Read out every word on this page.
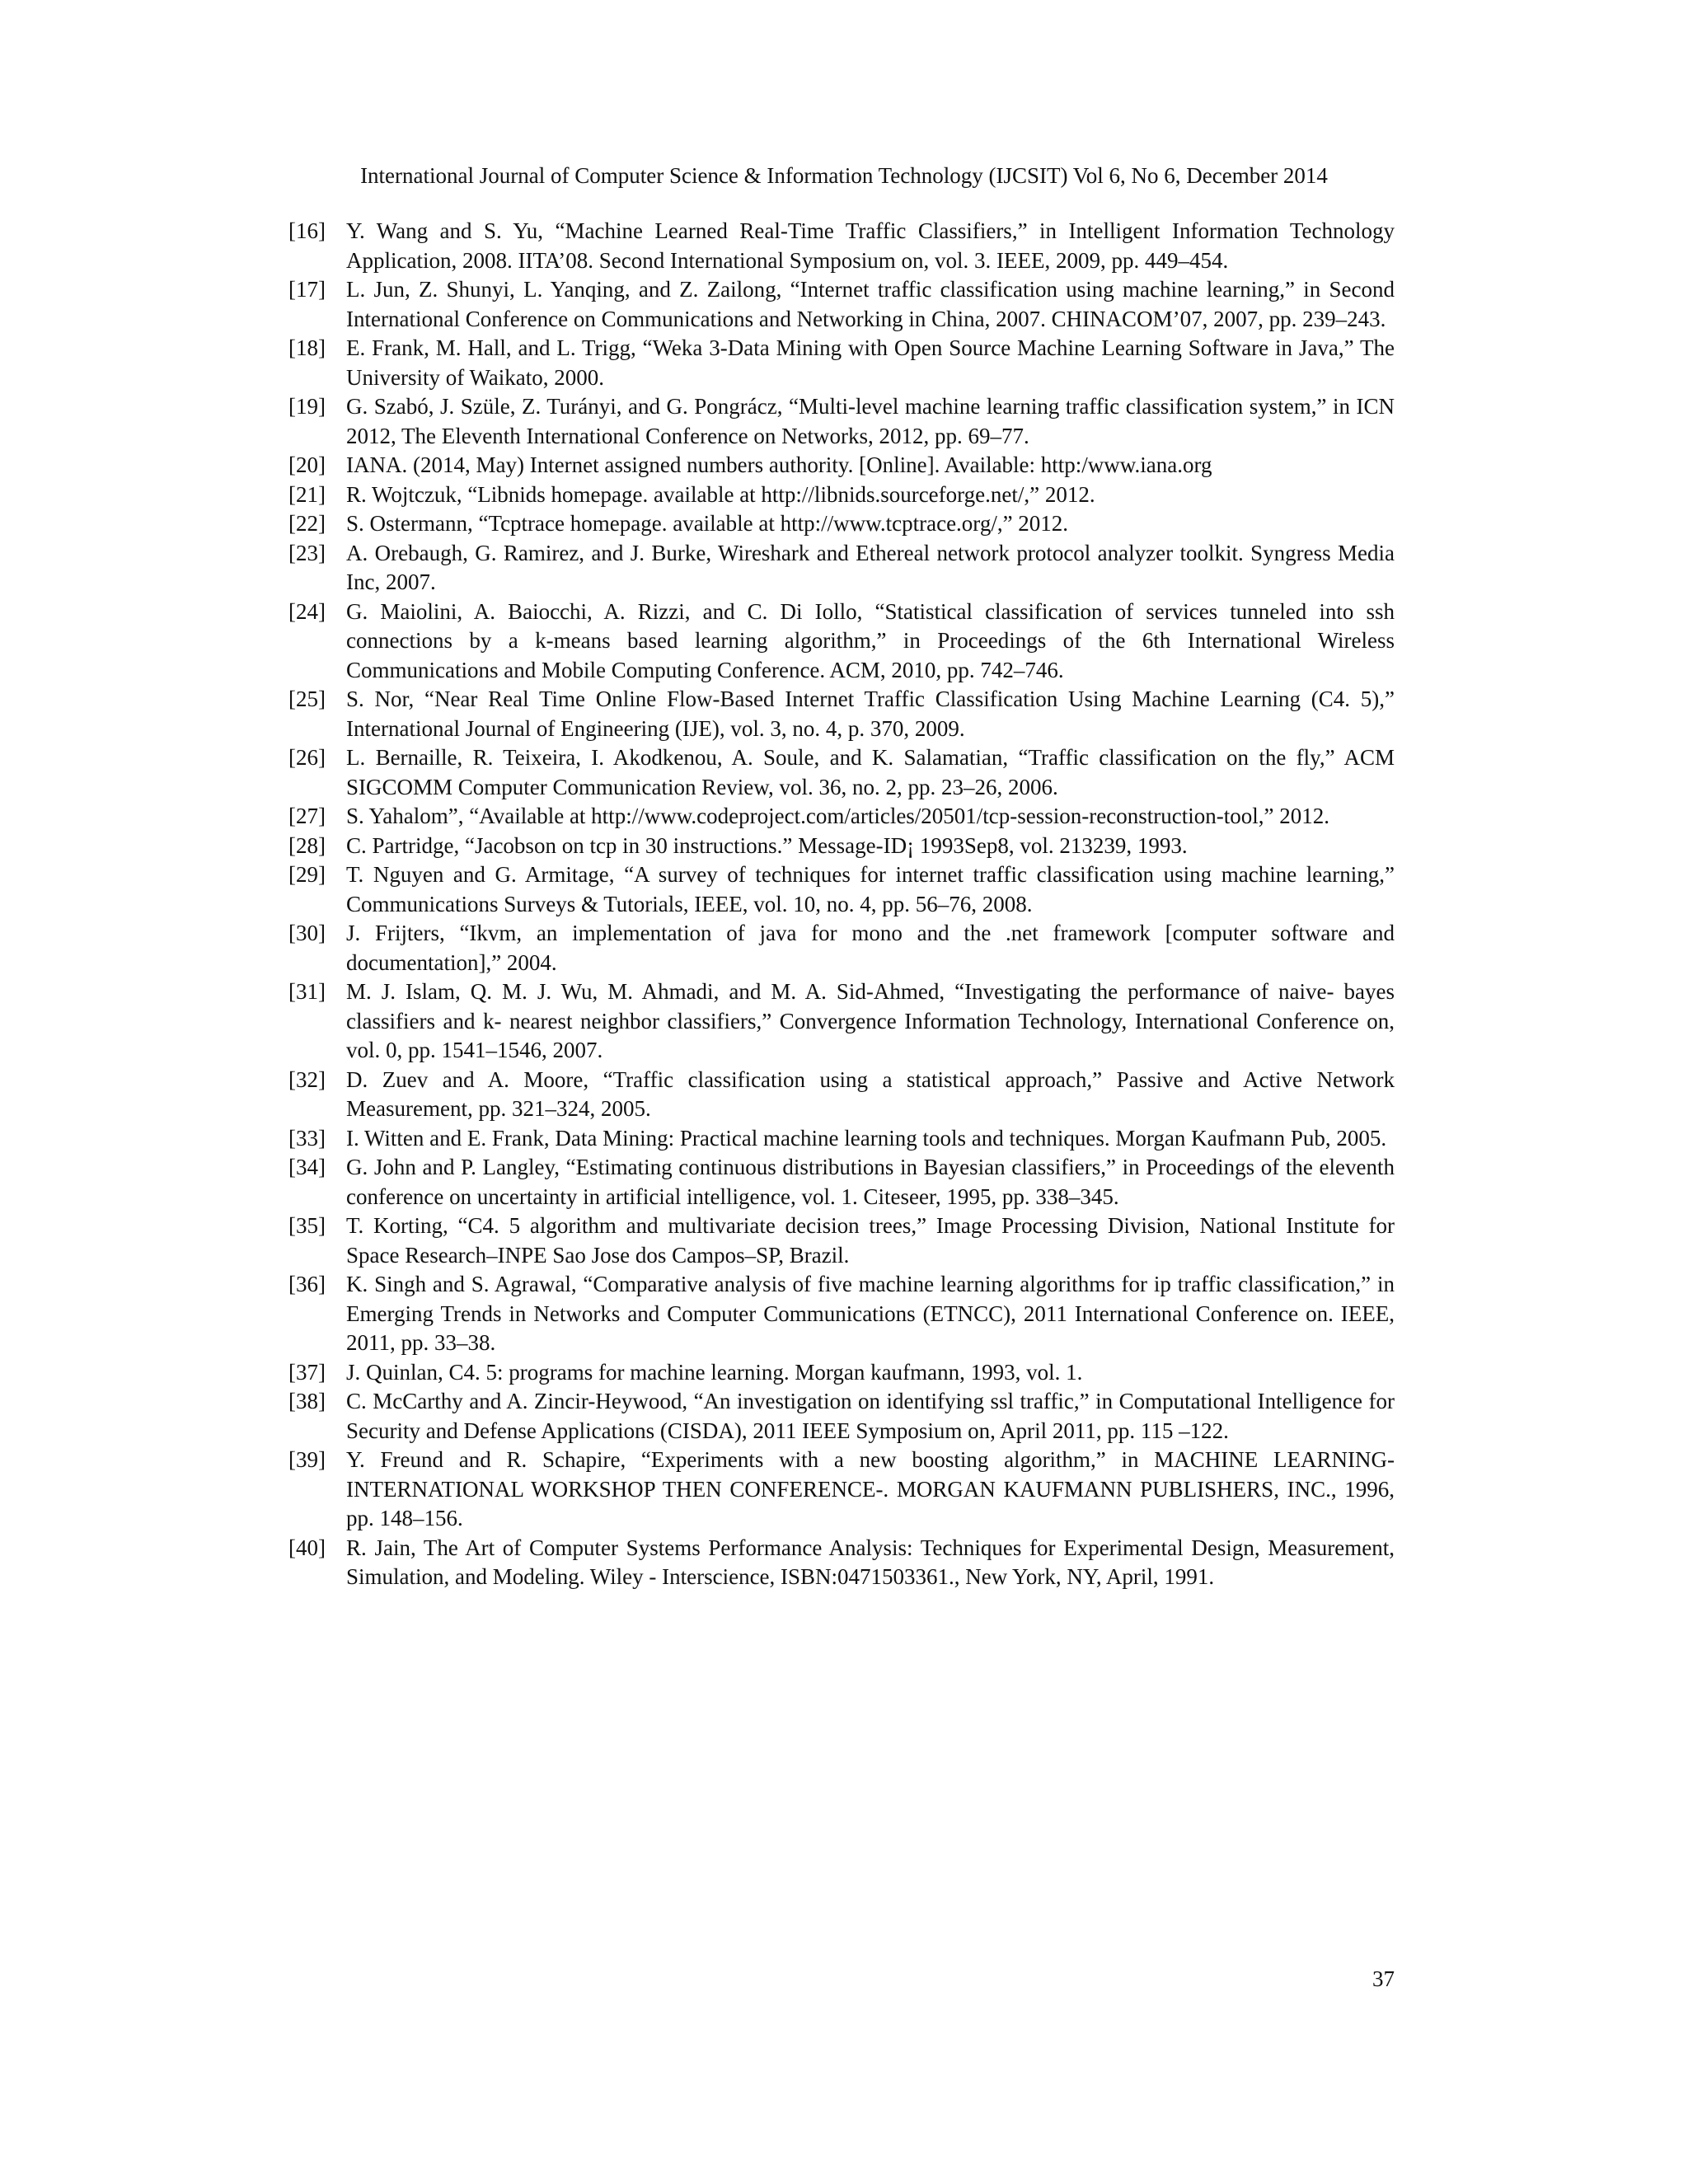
International Journal of Computer Science & Information Technology (IJCSIT) Vol 6, No 6, December 2014
[16] Y. Wang and S. Yu, “Machine Learned Real-Time Traffic Classifiers,” in Intelligent Information Technology Application, 2008. IITA’08. Second International Symposium on, vol. 3. IEEE, 2009, pp. 449–454.
[17] L. Jun, Z. Shunyi, L. Yanqing, and Z. Zailong, “Internet traffic classification using machine learning,” in Second International Conference on Communications and Networking in China, 2007. CHINACOM’07, 2007, pp. 239–243.
[18] E. Frank, M. Hall, and L. Trigg, “Weka 3-Data Mining with Open Source Machine Learning Software in Java,” The University of Waikato, 2000.
[19] G. Szabó, J. Szüle, Z. Turányi, and G. Pongrácz, “Multi-level machine learning traffic classification system,” in ICN 2012, The Eleventh International Conference on Networks, 2012, pp. 69–77.
[20] IANA. (2014, May) Internet assigned numbers authority. [Online]. Available: http:/www.iana.org
[21] R. Wojtczuk, “Libnids homepage. available at http://libnids.sourceforge.net/,” 2012.
[22] S. Ostermann, “Tcptrace homepage. available at http://www.tcptrace.org/,” 2012.
[23] A. Orebaugh, G. Ramirez, and J. Burke, Wireshark and Ethereal network protocol analyzer toolkit. Syngress Media Inc, 2007.
[24] G. Maiolini, A. Baiocchi, A. Rizzi, and C. Di Iollo, “Statistical classification of services tunneled into ssh connections by a k-means based learning algorithm,” in Proceedings of the 6th International Wireless Communications and Mobile Computing Conference. ACM, 2010, pp. 742–746.
[25] S. Nor, “Near Real Time Online Flow-Based Internet Traffic Classification Using Machine Learning (C4. 5),” International Journal of Engineering (IJE), vol. 3, no. 4, p. 370, 2009.
[26] L. Bernaille, R. Teixeira, I. Akodkenou, A. Soule, and K. Salamatian, “Traffic classification on the fly,” ACM SIGCOMM Computer Communication Review, vol. 36, no. 2, pp. 23–26, 2006.
[27] S. Yahalom”, “Available at http://www.codeproject.com/articles/20501/tcp-session-reconstruction-tool,” 2012.
[28] C. Partridge, “Jacobson on tcp in 30 instructions.” Message-ID¡ 1993Sep8, vol. 213239, 1993.
[29] T. Nguyen and G. Armitage, “A survey of techniques for internet traffic classification using machine learning,” Communications Surveys & Tutorials, IEEE, vol. 10, no. 4, pp. 56–76, 2008.
[30] J. Frijters, “Ikvm, an implementation of java for mono and the .net framework [computer software and documentation],” 2004.
[31] M. J. Islam, Q. M. J. Wu, M. Ahmadi, and M. A. Sid-Ahmed, “Investigating the performance of naive- bayes classifiers and k- nearest neighbor classifiers,” Convergence Information Technology, International Conference on, vol. 0, pp. 1541–1546, 2007.
[32] D. Zuev and A. Moore, “Traffic classification using a statistical approach,” Passive and Active Network Measurement, pp. 321–324, 2005.
[33] I. Witten and E. Frank, Data Mining: Practical machine learning tools and techniques. Morgan Kaufmann Pub, 2005.
[34] G. John and P. Langley, “Estimating continuous distributions in Bayesian classifiers,” in Proceedings of the eleventh conference on uncertainty in artificial intelligence, vol. 1. Citeseer, 1995, pp. 338–345.
[35] T. Korting, “C4. 5 algorithm and multivariate decision trees,” Image Processing Division, National Institute for Space Research–INPE Sao Jose dos Campos–SP, Brazil.
[36] K. Singh and S. Agrawal, “Comparative analysis of five machine learning algorithms for ip traffic classification,” in Emerging Trends in Networks and Computer Communications (ETNCC), 2011 International Conference on. IEEE, 2011, pp. 33–38.
[37] J. Quinlan, C4. 5: programs for machine learning. Morgan kaufmann, 1993, vol. 1.
[38] C. McCarthy and A. Zincir-Heywood, “An investigation on identifying ssl traffic,” in Computational Intelligence for Security and Defense Applications (CISDA), 2011 IEEE Symposium on, April 2011, pp. 115 –122.
[39] Y. Freund and R. Schapire, “Experiments with a new boosting algorithm,” in MACHINE LEARNING-INTERNATIONAL WORKSHOP THEN CONFERENCE-. MORGAN KAUFMANN PUBLISHERS, INC., 1996, pp. 148–156.
[40] R. Jain, The Art of Computer Systems Performance Analysis: Techniques for Experimental Design, Measurement, Simulation, and Modeling. Wiley - Interscience, ISBN:0471503361., New York, NY, April, 1991.
37
